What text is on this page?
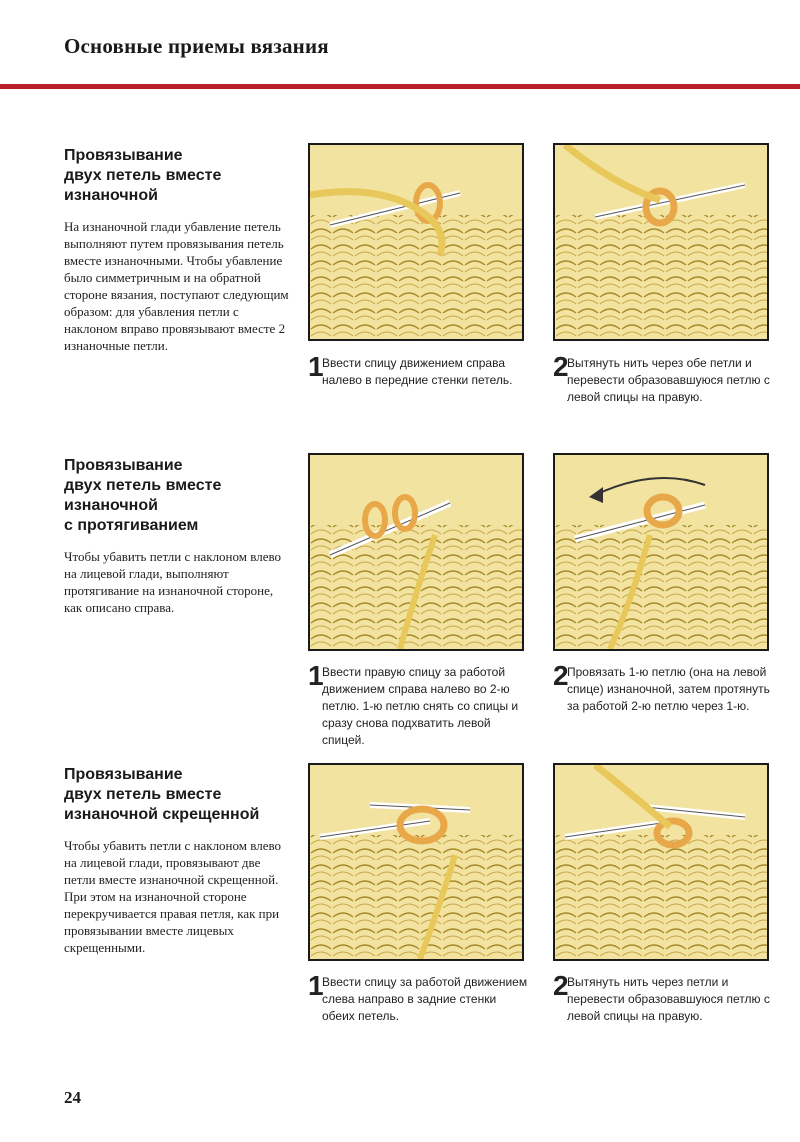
Основные приемы вязания
Провязывание
двух петель вместе
изнаночной
На изнаночной глади убавление петель выполняют путем провязывания петель вместе изнаночными. Чтобы убавление было симметричным и на обратной стороне вязания, поступают следующим образом: для убавления петли с наклоном вправо провязывают вместе 2 изнаночные петли.
Провязывание
двух петель вместе
изнаночной
с протягиванием
Чтобы убавить петли с наклоном влево на лицевой глади, выполняют протягивание на изнаночной стороне, как описано справа.
Провязывание
двух петель вместе
изнаночной скрещенной
Чтобы убавить петли с наклоном влево на лицевой глади, провязывают две петли вместе изнаночной скрещенной. При этом на изнаночной стороне перекручивается правая петля, как при провязывании вместе лицевых скрещенными.
1
Ввести спицу движением справа налево в передние стенки петель.	2
Вытянуть нить через обе петли и перевести образовавшуюся петлю с левой спицы на правую.
1
Ввести правую спицу за работой движением справа налево во 2-ю петлю. 1-ю петлю снять со спицы и сразу снова подхватить левой спицей.
2
Провязать 1-ю петлю (она на левой спице) изнаночной, затем протянуть за работой 2-ю петлю через 1-ю.
1
Ввести спицу за работой движением слева направо в задние стенки обеих петель.
2
Вытянуть нить через петли и перевести образовавшуюся петлю с левой спицы на правую.
24
